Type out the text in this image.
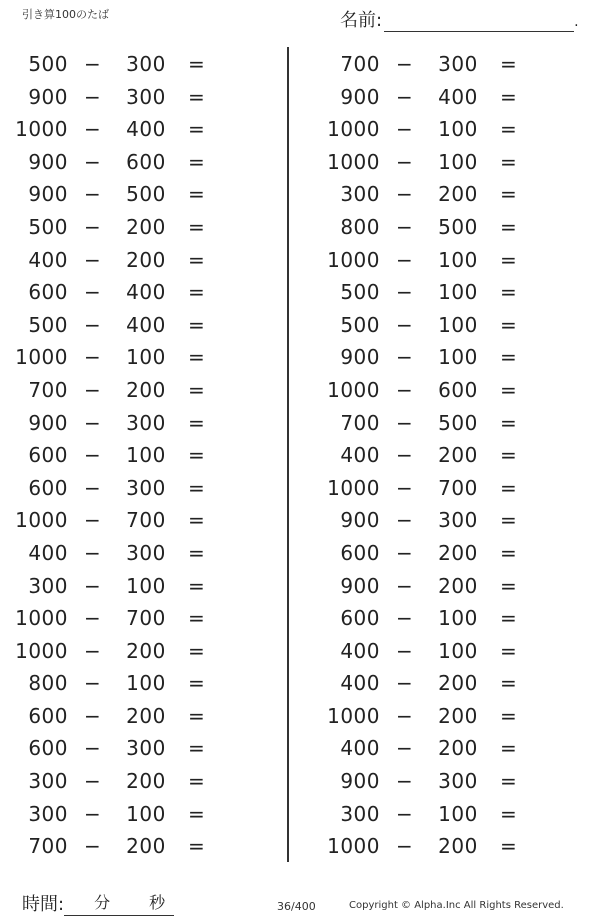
引き算100のたば	名前:	.
500 −	300	=
900 −	300	=
1000 −	400	=
900 −	600	=
900 −	500	=
500 −	200	=
400 −	200	=
600 −	400	=
500 −	400	=
1000 −	100	=
700 −	200	=
900 −	300	=
600 −	100	=
600 −	300	=
1000 −	700	=
400 −	300	=
300 −	100	=
1000 −	700	=
1000 −	200	=
800 −	100	=
600 −	200	=
600 −	300	=
300 −	200	=
300 −	100	=
700 −	200	=
700 −	300	=
900 −	400	=
1000 −	100	=
1000 −	100	=
300 −	200	=
800 −	500	=
1000 −	100	=
500 −	100	=
500 −	100	=
900 −	100	=
1000 −	600	=
700 −	500	=
400 −	200	=
1000 −	700	=
900 −	300	=
600 −	200	=
900 −	200	=
600 −	100	=
400 −	100	=
400 −	200	=
1000 −	200	=
400 −	200	=
900 −	300	=
300 −	100	=
1000 −	200	=
時間: 分 秒	36/400	Copyright © Alpha.Inc All Rights Reserved.
